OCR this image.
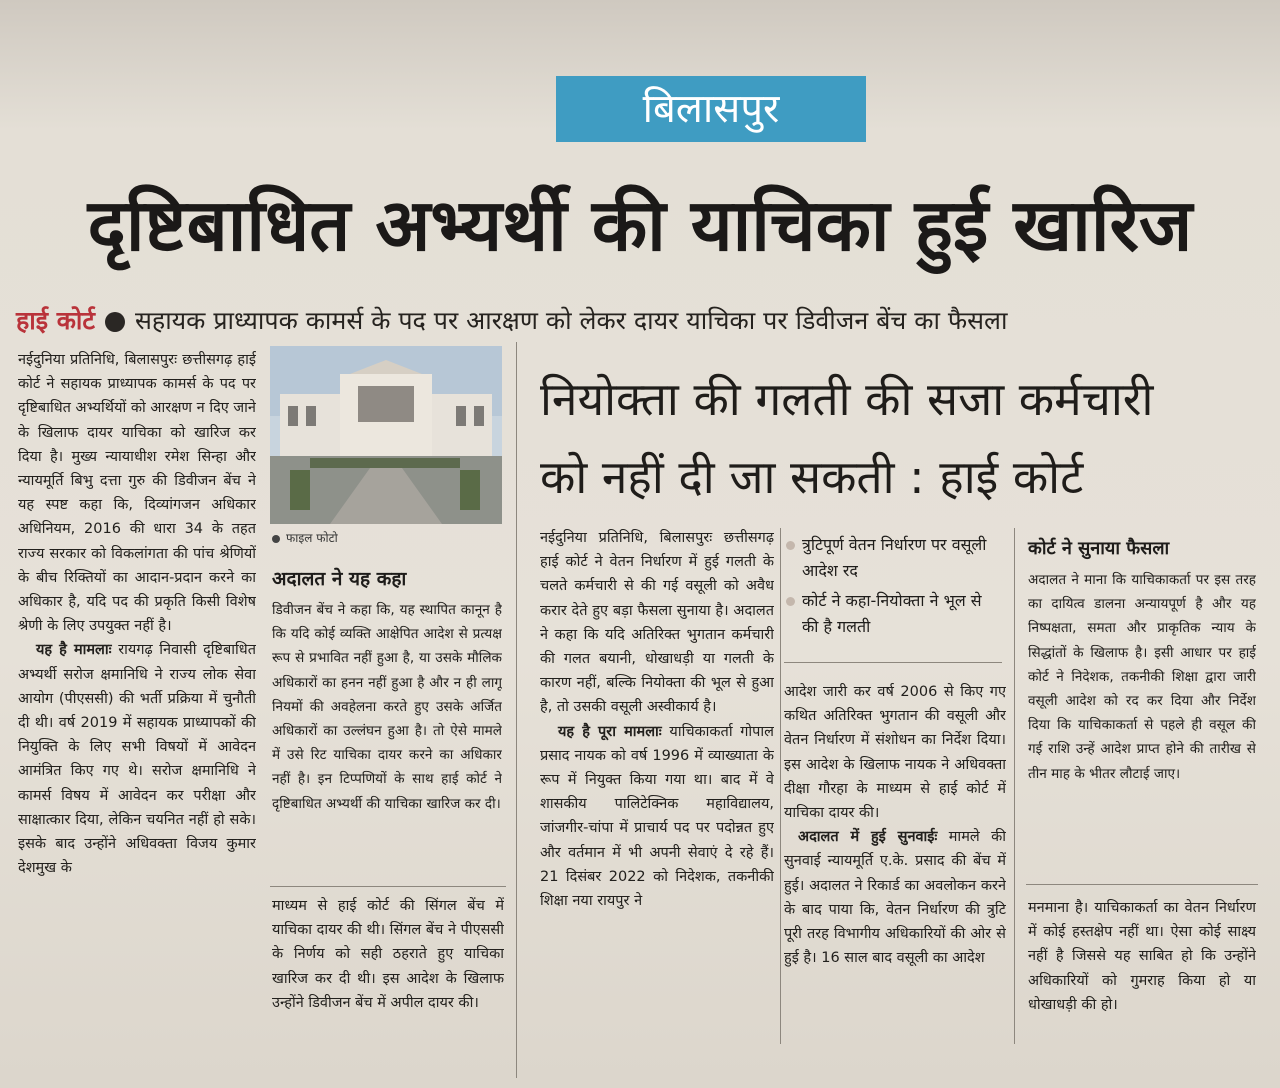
बिलासपुर
दृष्टिबाधित अभ्यर्थी की याचिका हुई खारिज
हाई कोर्ट सहायक प्राध्यापक कामर्स के पद पर आरक्षण को लेकर दायर याचिका पर डिवीजन बेंच का फैसला

नईदुनिया प्रतिनिधि, बिलासपुरः छत्तीसगढ़ हाई कोर्ट ने सहायक प्राध्यापक कामर्स के पद पर दृष्टिबाधित अभ्यर्थियों को आरक्षण न दिए जाने के खिलाफ दायर याचिका को खारिज कर दिया है। मुख्य न्यायाधीश रमेश सिन्हा और न्यायमूर्ति बिभु दत्ता गुरु की डिवीजन बेंच ने यह स्पष्ट कहा कि, दिव्यांगजन अधिकार अधिनियम, 2016 की धारा 34 के तहत राज्य सरकार को विकलांगता की पांच श्रेणियों के बीच रिक्तियों का आदान-प्रदान करने का अधिकार है, यदि पद की प्रकृति किसी विशेष श्रेणी के लिए उपयुक्त नहीं है।

यह है मामलाः रायगढ़ निवासी दृष्टिबाधित अभ्यर्थी सरोज क्षमानिधि ने राज्य लोक सेवा आयोग (पीएससी) की भर्ती प्रक्रिया में चुनौती दी थी। वर्ष 2019 में सहायक प्राध्यापकों की नियुक्ति के लिए सभी विषयों में आवेदन आमंत्रित किए गए थे। सरोज क्षमानिधि ने कामर्स विषय में आवेदन कर परीक्षा और साक्षात्कार दिया, लेकिन चयनित नहीं हो सके। इसके बाद उन्होंने अधिवक्ता विजय कुमार देशमुख के

फाइल फोटो
अदालत ने यह कहा
डिवीजन बेंच ने कहा कि, यह स्थापित कानून है कि यदि कोई व्यक्ति आक्षेपित आदेश से प्रत्यक्ष रूप से प्रभावित नहीं हुआ है, या उसके मौलिक अधिकारों का हनन नहीं हुआ है और न ही लागू नियमों की अवहेलना करते हुए उसके अर्जित अधिकारों का उल्लंघन हुआ है। तो ऐसे मामले में उसे रिट याचिका दायर करने का अधिकार नहीं है। इन टिप्पणियों के साथ हाई कोर्ट ने दृष्टिबाधित अभ्यर्थी की याचिका खारिज कर दी।
माध्यम से हाई कोर्ट की सिंगल बेंच में याचिका दायर की थी। सिंगल बेंच ने पीएससी के निर्णय को सही ठहराते हुए याचिका खारिज कर दी थी। इस आदेश के खिलाफ उन्होंने डिवीजन बेंच में अपील दायर की।
नियोक्ता की गलती की सजा कर्मचारी
को नहीं दी जा सकती : हाई कोर्ट

नईदुनिया प्रतिनिधि, बिलासपुरः छत्तीसगढ़ हाई कोर्ट ने वेतन निर्धारण में हुई गलती के चलते कर्मचारी से की गई वसूली को अवैध करार देते हुए बड़ा फैसला सुनाया है। अदालत ने कहा कि यदि अतिरिक्त भुगतान कर्मचारी की गलत बयानी, धोखाधड़ी या गलती के कारण नहीं, बल्कि नियोक्ता की भूल से हुआ है, तो उसकी वसूली अस्वीकार्य है।

यह है पूरा मामलाः याचिकाकर्ता गोपाल प्रसाद नायक को वर्ष 1996 में व्याख्याता के रूप में नियुक्त किया गया था। बाद में वे शासकीय पालिटेक्निक महाविद्यालय, जांजगीर-चांपा में प्राचार्य पद पर पदोन्नत हुए और वर्तमान में भी अपनी सेवाएं दे रहे हैं। 21 दिसंबर 2022 को निदेशक, तकनीकी शिक्षा नया रायपुर ने

त्रुटिपूर्ण वेतन निर्धारण पर वसूली आदेश रद
कोर्ट ने कहा-नियोक्ता ने भूल से की है गलती

आदेश जारी कर वर्ष 2006 से किए गए कथित अतिरिक्त भुगतान की वसूली और वेतन निर्धारण में संशोधन का निर्देश दिया। इस आदेश के खिलाफ नायक ने अधिवक्ता दीक्षा गौरहा के माध्यम से हाई कोर्ट में याचिका दायर की।

अदालत में हुई सुनवाईः मामले की सुनवाई न्यायमूर्ति ए.के. प्रसाद की बेंच में हुई। अदालत ने रिकार्ड का अवलोकन करने के बाद पाया कि, वेतन निर्धारण की त्रुटि पूरी तरह विभागीय अधिकारियों की ओर से हुई है। 16 साल बाद वसूली का आदेश

कोर्ट ने सुनाया फैसला
अदालत ने माना कि याचिकाकर्ता पर इस तरह का दायित्व डालना अन्यायपूर्ण है और यह निष्पक्षता, समता और प्राकृतिक न्याय के सिद्धांतों के खिलाफ है। इसी आधार पर हाई कोर्ट ने निदेशक, तकनीकी शिक्षा द्वारा जारी वसूली आदेश को रद कर दिया और निर्देश दिया कि याचिकाकर्ता से पहले ही वसूल की गई राशि उन्हें आदेश प्राप्त होने की तारीख से तीन माह के भीतर लौटाई जाए।
मनमाना है। याचिकाकर्ता का वेतन निर्धारण में कोई हस्तक्षेप नहीं था। ऐसा कोई साक्ष्य नहीं है जिससे यह साबित हो कि उन्होंने अधिकारियों को गुमराह किया हो या धोखाधड़ी की हो।
